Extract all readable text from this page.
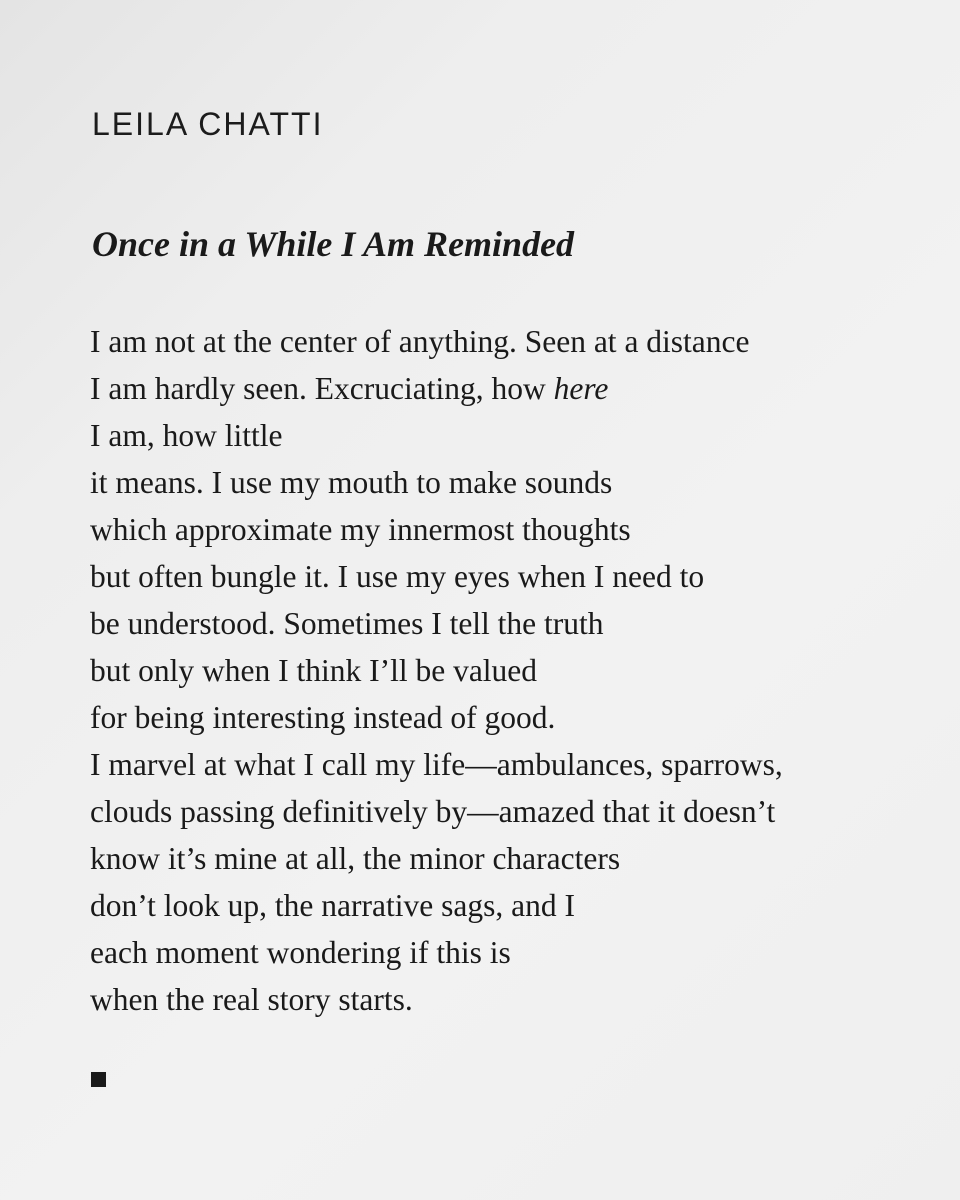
LEILA CHATTI
Once in a While I Am Reminded
I am not at the center of anything. Seen at a distance
I am hardly seen. Excruciating, how here
I am, how little
it means. I use my mouth to make sounds
which approximate my innermost thoughts
but often bungle it. I use my eyes when I need to
be understood. Sometimes I tell the truth
but only when I think I’ll be valued
for being interesting instead of good.
I marvel at what I call my life—ambulances, sparrows,
clouds passing definitively by—amazed that it doesn’t
know it’s mine at all, the minor characters
don’t look up, the narrative sags, and I
each moment wondering if this is
when the real story starts.
